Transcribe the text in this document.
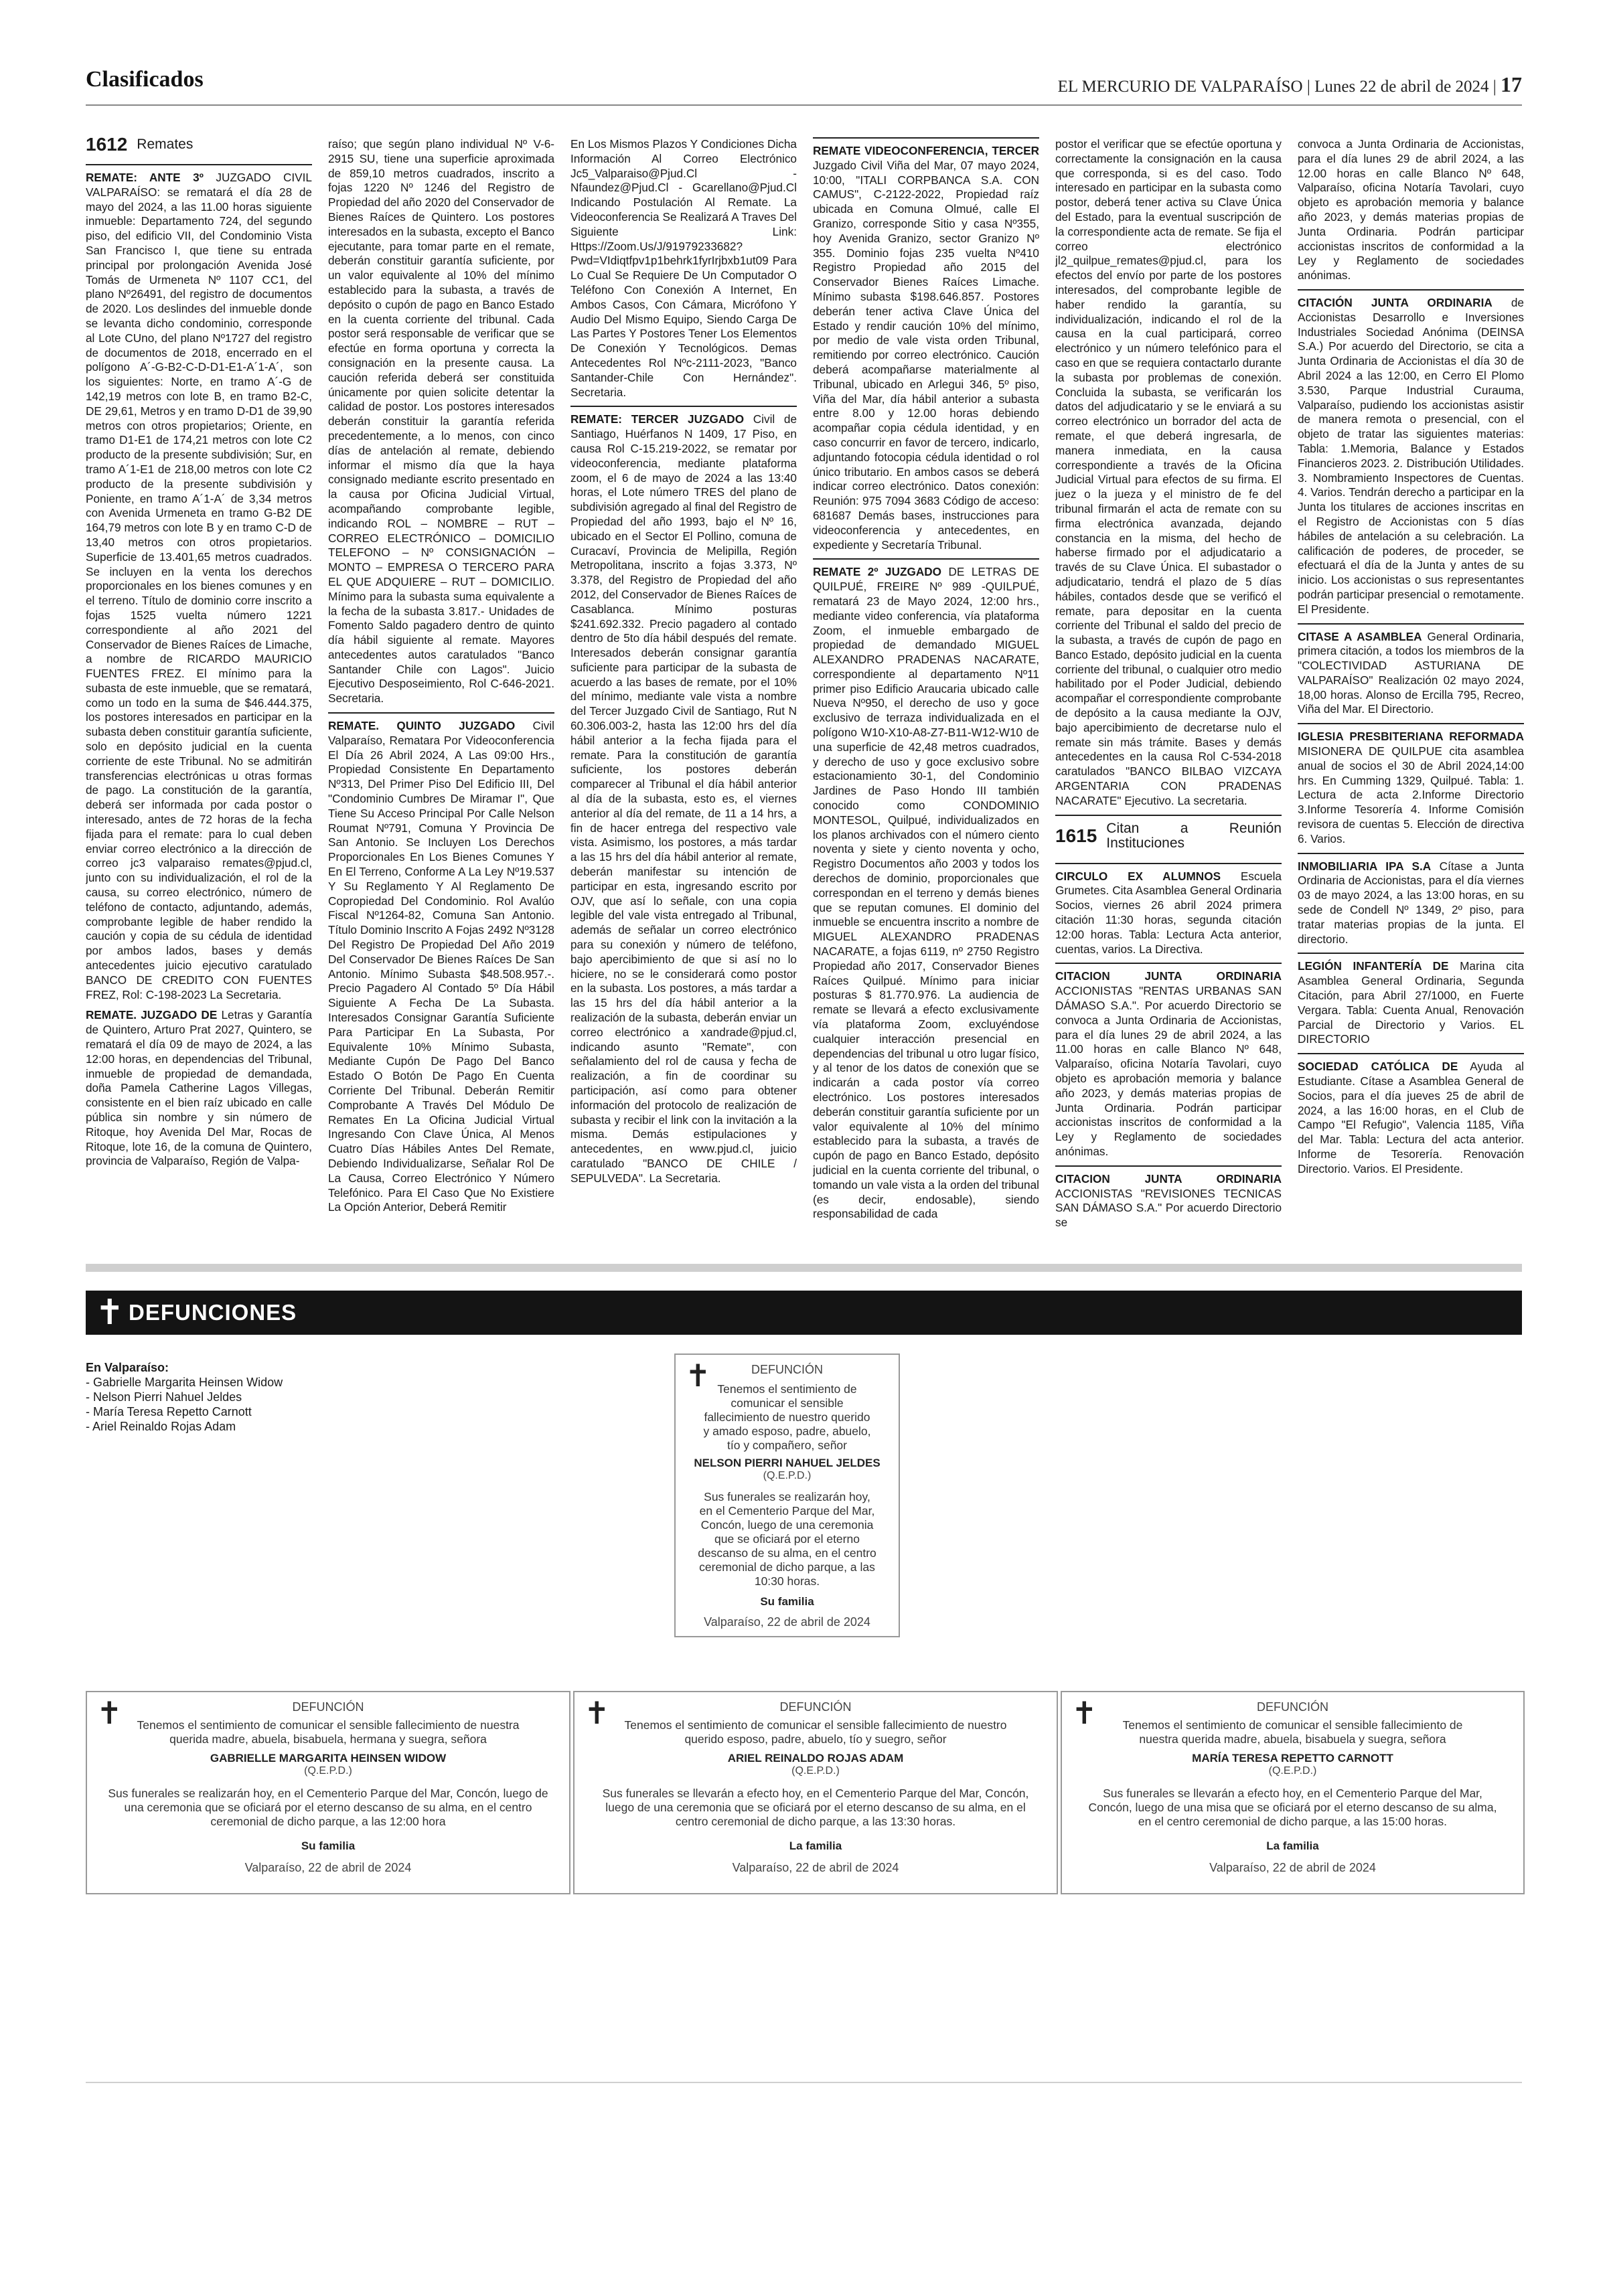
Clasificados	EL MERCURIO DE VALPARAÍSO | Lunes 22 de abril de 2024 | 17
1612 Remates

REMATE: ANTE 3º JUZGADO CIVIL VALPARAÍSO: se rematará el día 28 de mayo del 2024, a las 11.00 horas siguiente inmueble: Departamento 724, del segundo piso, del edificio VII, del Condominio Vista San Francisco I, que tiene su entrada principal por prolongación Avenida José Tomás de Urmeneta Nº 1107 CC1, del plano Nº26491, del registro de documentos de 2020. Los deslindes del inmueble donde se levanta dicho condominio, corresponde al Lote CUno, del plano Nº1727 del registro de documentos de 2018, encerrado en el polígono A´-G-B2-C-D-D1-E1-A´1-A´, son los siguientes: Norte, en tramo A´-G de 142,19 metros con lote B, en tramo B2-C, DE 29,61, Metros y en tramo D-D1 de 39,90 metros con otros propietarios; Oriente, en tramo D1-E1 de 174,21 metros con lote C2 producto de la presente subdivisión; Sur, en tramo A´1-E1 de 218,00 metros con lote C2 producto de la presente subdivisión y Poniente, en tramo A´1-A´ de 3,34 metros con Avenida Urmeneta en tramo G-B2 DE 164,79 metros con lote B y en tramo C-D de 13,40 metros con otros propietarios. Superficie de 13.401,65 metros cuadrados. Se incluyen en la venta los derechos proporcionales en los bienes comunes y en el terreno. Título de dominio corre inscrito a fojas 1525 vuelta número 1221 correspondiente al año 2021 del Conservador de Bienes Raíces de Limache, a nombre de RICARDO MAURICIO FUENTES FREZ. El mínimo para la subasta de este inmueble, que se rematará, como un todo en la suma de $46.444.375, los postores interesados en participar en la subasta deben constituir garantía suficiente, solo en depósito judicial en la cuenta corriente de este Tribunal. No se admitirán transferencias electrónicas u otras formas de pago. La constitución de la garantía, deberá ser informada por cada postor o interesado, antes de 72 horas de la fecha fijada para el remate: para lo cual deben enviar correo electrónico a la dirección de correo jc3 valparaiso remates@pjud.cl, junto con su individualización, el rol de la causa, su correo electrónico, número de teléfono de contacto, adjuntando, además, comprobante legible de haber rendido la caución y copia de su cédula de identidad por ambos lados, bases y demás antecedentes juicio ejecutivo caratulado BANCO DE CREDITO CON FUENTES FREZ, Rol: C-198-2023 La Secretaria.

REMATE. JUZGADO DE Letras y Garantía de Quintero, Arturo Prat 2027, Quintero, se rematará el día 09 de mayo de 2024, a las 12:00 horas, en dependencias del Tribunal, inmueble de propiedad de demandada, doña Pamela Catherine Lagos Villegas, consistente en el bien raíz ubicado en calle pública sin nombre y sin número de Ritoque, hoy Avenida Del Mar, Rocas de Ritoque, lote 16, de la comuna de Quintero, provincia de Valparaíso, Región de Valpa-

raíso; que según plano individual Nº V-6-2915 SU, tiene una superficie aproximada de 859,10 metros cuadrados, inscrito a fojas 1220 Nº 1246 del Registro de Propiedad del año 2020 del Conservador de Bienes Raíces de Quintero. Los postores interesados en la subasta, excepto el Banco ejecutante, para tomar parte en el remate, deberán constituir garantía suficiente, por un valor equivalente al 10% del mínimo establecido para la subasta, a través de depósito o cupón de pago en Banco Estado en la cuenta corriente del tribunal. Cada postor será responsable de verificar que se efectúe en forma oportuna y correcta la consignación en la presente causa. La caución referida deberá ser constituida únicamente por quien solicite detentar la calidad de postor. Los postores interesados deberán constituir la garantía referida precedentemente, a lo menos, con cinco días de antelación al remate, debiendo informar el mismo día que la haya consignado mediante escrito presentado en la causa por Oficina Judicial Virtual, acompañando comprobante legible, indicando ROL – NOMBRE – RUT – CORREO ELECTRÓNICO – DOMICILIO TELEFONO – Nº CONSIGNACIÓN – MONTO – EMPRESA O TERCERO PARA EL QUE ADQUIERE – RUT – DOMICILIO. Mínimo para la subasta suma equivalente a la fecha de la subasta 3.817.- Unidades de Fomento Saldo pagadero dentro de quinto día hábil siguiente al remate. Mayores antecedentes autos caratulados "Banco Santander Chile con Lagos". Juicio Ejecutivo Desposeimiento, Rol C-646-2021. Secretaria.

REMATE. QUINTO JUZGADO Civil Valparaíso, Rematara Por Videoconferencia El Día 26 Abril 2024, A Las 09:00 Hrs., Propiedad Consistente En Departamento Nº313, Del Primer Piso Del Edificio III, Del "Condominio Cumbres De Miramar I", Que Tiene Su Acceso Principal Por Calle Nelson Roumat Nº791, Comuna Y Provincia De San Antonio. Se Incluyen Los Derechos Proporcionales En Los Bienes Comunes Y En El Terreno, Conforme A La Ley Nº19.537 Y Su Reglamento Y Al Reglamento De Copropiedad Del Condominio. Rol Avalúo Fiscal Nº1264-82, Comuna San Antonio. Título Dominio Inscrito A Fojas 2492 Nº3128 Del Registro De Propiedad Del Año 2019 Del Conservador De Bienes Raíces De San Antonio. Mínimo Subasta $48.508.957.-. Precio Pagadero Al Contado 5º Día Hábil Siguiente A Fecha De La Subasta. Interesados Consignar Garantía Suficiente Para Participar En La Subasta, Por Equivalente 10% Mínimo Subasta, Mediante Cupón De Pago Del Banco Estado O Botón De Pago En Cuenta Corriente Del Tribunal. Deberán Remitir Comprobante A Través Del Módulo De Remates En La Oficina Judicial Virtual Ingresando Con Clave Única, Al Menos Cuatro Días Hábiles Antes Del Remate, Debiendo Individualizarse, Señalar Rol De La Causa, Correo Electrónico Y Número Telefónico. Para El Caso Que No Existiere La Opción Anterior, Deberá Remitir

En Los Mismos Plazos Y Condiciones Dicha Información Al Correo Electrónico Jc5_Valparaiso@Pjud.Cl - Nfaundez@Pjud.Cl - Gcarellano@Pjud.Cl Indicando Postulación Al Remate. La Videoconferencia Se Realizará A Traves Del Siguiente Link: Https://Zoom.Us/J/91979233682?Pwd=VIdiqtfpv1p1behrk1fyrIrjbxb1ut09 Para Lo Cual Se Requiere De Un Computador O Teléfono Con Conexión A Internet, En Ambos Casos, Con Cámara, Micrófono Y Audio Del Mismo Equipo, Siendo Carga De Las Partes Y Postores Tener Los Elementos De Conexión Y Tecnológicos. Demas Antecedentes Rol Nºc-2111-2023, "Banco Santander-Chile Con Hernández". Secretaria.

REMATE: TERCER JUZGADO Civil de Santiago, Huérfanos N 1409, 17 Piso, en causa Rol C-15.219-2022, se rematar por videoconferencia, mediante plataforma zoom, el 6 de mayo de 2024 a las 13:40 horas, el Lote número TRES del plano de subdivisión agregado al final del Registro de Propiedad del año 1993, bajo el Nº 16, ubicado en el Sector El Pollino, comuna de Curacaví, Provincia de Melipilla, Región Metropolitana, inscrito a fojas 3.373, Nº 3.378, del Registro de Propiedad del año 2012, del Conservador de Bienes Raíces de Casablanca. Mínimo posturas $241.692.332. Precio pagadero al contado dentro de 5to día hábil después del remate. Interesados deberán consignar garantía suficiente para participar de la subasta de acuerdo a las bases de remate, por el 10% del mínimo, mediante vale vista a nombre del Tercer Juzgado Civil de Santiago, Rut N 60.306.003-2, hasta las 12:00 hrs del día hábil anterior a la fecha fijada para el remate. Para la constitución de garantía suficiente, los postores deberán comparecer al Tribunal el día hábil anterior al día de la subasta, esto es, el viernes anterior al día del remate, de 11 a 14 hrs, a fin de hacer entrega del respectivo vale vista. Asimismo, los postores, a más tardar a las 15 hrs del día hábil anterior al remate, deberán manifestar su intención de participar en esta, ingresando escrito por OJV, que así lo señale, con una copia legible del vale vista entregado al Tribunal, además de señalar un correo electrónico para su conexión y número de teléfono, bajo apercibimiento de que si así no lo hiciere, no se le considerará como postor en la subasta. Los postores, a más tardar a las 15 hrs del día hábil anterior a la realización de la subasta, deberán enviar un correo electrónico a xandrade@pjud.cl, indicando asunto "Remate", con señalamiento del rol de causa y fecha de realización, a fin de coordinar su participación, así como para obtener información del protocolo de realización de subasta y recibir el link con la invitación a la misma. Demás estipulaciones y antecedentes, en www.pjud.cl, juicio caratulado "BANCO DE CHILE / SEPULVEDA". La Secretaria.

REMATE VIDEOCONFERENCIA, TERCER Juzgado Civil Viña del Mar, 07 mayo 2024, 10:00, "ITALI CORPBANCA S.A. CON CAMUS", C-2122-2022, Propiedad raíz ubicada en Comuna Olmué, calle El Granizo, corresponde Sitio y casa Nº355, hoy Avenida Granizo, sector Granizo Nº 355. Dominio fojas 235 vuelta Nº410 Registro Propiedad año 2015 del Conservador Bienes Raíces Limache. Mínimo subasta $198.646.857. Postores deberán tener activa Clave Única del Estado y rendir caución 10% del mínimo, por medio de vale vista orden Tribunal, remitiendo por correo electrónico. Caución deberá acompañarse materialmente al Tribunal, ubicado en Arlegui 346, 5º piso, Viña del Mar, día hábil anterior a subasta entre 8.00 y 12.00 horas debiendo acompañar copia cédula identidad, y en caso concurrir en favor de tercero, indicarlo, adjuntando fotocopia cédula identidad o rol único tributario. En ambos casos se deberá indicar correo electrónico. Datos conexión: Reunión: 975 7094 3683 Código de acceso: 681687 Demás bases, instrucciones para videoconferencia y antecedentes, en expediente y Secretaría Tribunal.

REMATE 2º JUZGADO DE LETRAS DE QUILPUÉ, FREIRE Nº 989 -QUILPUÉ, rematará 23 de Mayo 2024, 12:00 hrs., mediante video conferencia, vía plataforma Zoom, el inmueble embargado de propiedad de demandado MIGUEL ALEXANDRO PRADENAS NACARATE, correspondiente al departamento Nº11 primer piso Edificio Araucaria ubicado calle Nueva Nº950, el derecho de uso y goce exclusivo de terraza individualizada en el polígono W10-X10-A8-Z7-B11-W12-W10 de una superficie de 42,48 metros cuadrados, y derecho de uso y goce exclusivo sobre estacionamiento 30-1, del Condominio Jardines de Paso Hondo III también conocido como CONDOMINIO MONTESOL, Quilpué, individualizados en los planos archivados con el número ciento noventa y siete y ciento noventa y ocho, Registro Documentos año 2003 y todos los derechos de dominio, proporcionales que correspondan en el terreno y demás bienes que se reputan comunes. El dominio del inmueble se encuentra inscrito a nombre de MIGUEL ALEXANDRO PRADENAS NACARATE, a fojas 6119, nº 2750 Registro Propiedad año 2017, Conservador Bienes Raíces Quilpué. Mínimo para iniciar posturas $ 81.770.976. La audiencia de remate se llevará a efecto exclusivamente vía plataforma Zoom, excluyéndose cualquier interacción presencial en dependencias del tribunal u otro lugar físico, y al tenor de los datos de conexión que se indicarán a cada postor vía correo electrónico. Los postores interesados deberán constituir garantía suficiente por un valor equivalente al 10% del mínimo establecido para la subasta, a través de cupón de pago en Banco Estado, depósito judicial en la cuenta corriente del tribunal, o tomando un vale vista a la orden del tribunal (es decir, endosable), siendo responsabilidad de cada

postor el verificar que se efectúe oportuna y correctamente la consignación en la causa que corresponda, si es del caso. Todo interesado en participar en la subasta como postor, deberá tener activa su Clave Única del Estado, para la eventual suscripción de la correspondiente acta de remate. Se fija el correo electrónico jl2_quilpue_remates@pjud.cl, para los efectos del envío por parte de los postores interesados, del comprobante legible de haber rendido la garantía, su individualización, indicando el rol de la causa en la cual participará, correo electrónico y un número telefónico para el caso en que se requiera contactarlo durante la subasta por problemas de conexión. Concluida la subasta, se verificarán los datos del adjudicatario y se le enviará a su correo electrónico un borrador del acta de remate, el que deberá ingresarla, de manera inmediata, en la causa correspondiente a través de la Oficina Judicial Virtual para efectos de su firma. El juez o la jueza y el ministro de fe del tribunal firmarán el acta de remate con su firma electrónica avanzada, dejando constancia en la misma, del hecho de haberse firmado por el adjudicatario a través de su Clave Única. El subastador o adjudicatario, tendrá el plazo de 5 días hábiles, contados desde que se verificó el remate, para depositar en la cuenta corriente del Tribunal el saldo del precio de la subasta, a través de cupón de pago en Banco Estado, depósito judicial en la cuenta corriente del tribunal, o cualquier otro medio habilitado por el Poder Judicial, debiendo acompañar el correspondiente comprobante de depósito a la causa mediante la OJV, bajo apercibimiento de decretarse nulo el remate sin más trámite. Bases y demás antecedentes en la causa Rol C-534-2018 caratulados "BANCO BILBAO VIZCAYA ARGENTARIA CON PRADENAS NACARATE" Ejecutivo. La secretaria.

1615 Citan a Reunión Instituciones

CIRCULO EX ALUMNOS Escuela Grumetes. Cita Asamblea General Ordinaria Socios, viernes 26 abril 2024 primera citación 11:30 horas, segunda citación 12:00 horas. Tabla: Lectura Acta anterior, cuentas, varios. La Directiva.

CITACION JUNTA ORDINARIA ACCIONISTAS "RENTAS URBANAS SAN DÁMASO S.A.". Por acuerdo Directorio se convoca a Junta Ordinaria de Accionistas, para el día lunes 29 de abril 2024, a las 11.00 horas en calle Blanco Nº 648, Valparaíso, oficina Notaría Tavolari, cuyo objeto es aprobación memoria y balance año 2023, y demás materias propias de Junta Ordinaria. Podrán participar accionistas inscritos de conformidad a la Ley y Reglamento de sociedades anónimas.

CITACION JUNTA ORDINARIA ACCIONISTAS "REVISIONES TECNICAS SAN DÁMASO S.A." Por acuerdo Directorio se

convoca a Junta Ordinaria de Accionistas, para el día lunes 29 de abril 2024, a las 12.00 horas en calle Blanco Nº 648, Valparaíso, oficina Notaría Tavolari, cuyo objeto es aprobación memoria y balance año 2023, y demás materias propias de Junta Ordinaria. Podrán participar accionistas inscritos de conformidad a la Ley y Reglamento de sociedades anónimas.

CITACIÓN JUNTA ORDINARIA de Accionistas Desarrollo e Inversiones Industriales Sociedad Anónima (DEINSA S.A.) Por acuerdo del Directorio, se cita a Junta Ordinaria de Accionistas el día 30 de Abril 2024 a las 12:00, en Cerro El Plomo 3.530, Parque Industrial Curauma, Valparaíso, pudiendo los accionistas asistir de manera remota o presencial, con el objeto de tratar las siguientes materias: Tabla: 1.Memoria, Balance y Estados Financieros 2023. 2. Distribución Utilidades. 3. Nombramiento Inspectores de Cuentas. 4. Varios. Tendrán derecho a participar en la Junta los titulares de acciones inscritas en el Registro de Accionistas con 5 días hábiles de antelación a su celebración. La calificación de poderes, de proceder, se efectuará el día de la Junta y antes de su inicio. Los accionistas o sus representantes podrán participar presencial o remotamente. El Presidente.

CITASE A ASAMBLEA General Ordinaria, primera citación, a todos los miembros de la "COLECTIVIDAD ASTURIANA DE VALPARAÍSO" Realización 02 mayo 2024, 18,00 horas. Alonso de Ercilla 795, Recreo, Viña del Mar. El Directorio.

IGLESIA PRESBITERIANA REFORMADA MISIONERA DE QUILPUE cita asamblea anual de socios el 30 de Abril 2024,14:00 hrs. En Cumming 1329, Quilpué. Tabla: 1. Lectura de acta 2.Informe Directorio 3.Informe Tesorería 4. Informe Comisión revisora de cuentas 5. Elección de directiva 6. Varios.

INMOBILIARIA IPA S.A Cítase a Junta Ordinaria de Accionistas, para el día viernes 03 de mayo 2024, a las 13:00 horas, en su sede de Condell Nº 1349, 2º piso, para tratar materias propias de la junta. El directorio.

LEGIÓN INFANTERÍA DE Marina cita Asamblea General Ordinaria, Segunda Citación, para Abril 27/1000, en Fuerte Vergara. Tabla: Cuenta Anual, Renovación Parcial de Directorio y Varios. EL DIRECTORIO

SOCIEDAD CATÓLICA DE Ayuda al Estudiante. Cítase a Asamblea General de Socios, para el día jueves 25 de abril de 2024, a las 16:00 horas, en el Club de Campo "El Refugio", Valencia 1185, Viña del Mar. Tabla: Lectura del acta anterior. Informe de Tesorería. Renovación Directorio. Varios. El Presidente.

✝ DEFUNCIONES
En Valparaíso:
- Gabrielle Margarita Heinsen Widow
- Nelson Pierri Nahuel Jeldes
- María Teresa Repetto Carnott
- Ariel Reinaldo Rojas Adam
✝	DEFUNCIÓN
Tenemos el sentimiento de comunicar el sensible fallecimiento de nuestro querido y amado esposo, padre, abuelo, tío y compañero, señor
NELSON PIERRI NAHUEL JELDES
(Q.E.P.D.)
Sus funerales se realizarán hoy, en el Cementerio Parque del Mar, Concón, luego de una ceremonia que se oficiará por el eterno descanso de su alma, en el centro ceremonial de dicho parque, a las 10:30 horas.
Su familia
Valparaíso, 22 de abril de 2024
✝	DEFUNCIÓN
Tenemos el sentimiento de comunicar el sensible fallecimiento de nuestra querida madre, abuela, bisabuela, hermana y suegra, señora
GABRIELLE MARGARITA HEINSEN WIDOW
(Q.E.P.D.)
Sus funerales se realizarán hoy, en el Cementerio Parque del Mar, Concón, luego de una ceremonia que se oficiará por el eterno descanso de su alma, en el centro ceremonial de dicho parque, a las 12:00 hora
Su familia
Valparaíso, 22 de abril de 2024
✝	DEFUNCIÓN
Tenemos el sentimiento de comunicar el sensible fallecimiento de nuestro querido esposo, padre, abuelo, tío y suegro, señor
ARIEL REINALDO ROJAS ADAM
(Q.E.P.D.)
Sus funerales se llevarán a efecto hoy, en el Cementerio Parque del Mar, Concón, luego de una ceremonia que se oficiará por el eterno descanso de su alma, en el centro ceremonial de dicho parque, a las 13:30 horas.
La familia
Valparaíso, 22 de abril de 2024
✝	DEFUNCIÓN
Tenemos el sentimiento de comunicar el sensible fallecimiento de nuestra querida madre, abuela, bisabuela y suegra, señora
MARÍA TERESA REPETTO CARNOTT
(Q.E.P.D.)
Sus funerales se llevarán a efecto hoy, en el Cementerio Parque del Mar, Concón, luego de una misa que se oficiará por el eterno descanso de su alma, en el centro ceremonial de dicho parque, a las 15:00 horas.
La familia
Valparaíso, 22 de abril de 2024
